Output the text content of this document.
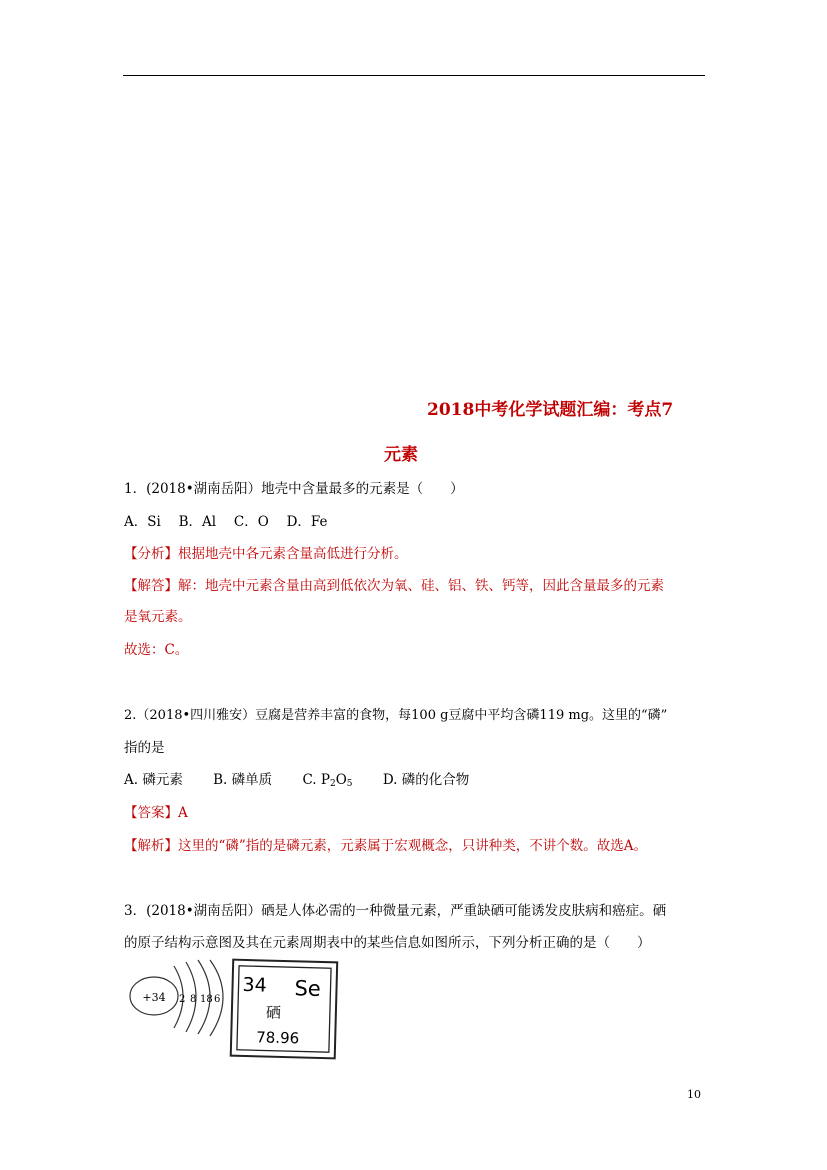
2018中考化学试题汇编：考点7
元素
1．(2018•湖南岳阳）地壳中含量最多的元素是（　　）
A．Si　 B．Al　 C．O　 D．Fe
【分析】根据地壳中各元素含量高低进行分析。
【解答】解：地壳中元素含量由高到低依次为氧、硅、铝、铁、钙等，因此含量最多的元素
是氧元素。
故选：C。
2.（2018•四川雅安）豆腐是营养丰富的食物，每100 g豆腐中平均含磷119 mg。这里的“磷”
指的是
A. 磷元素 B. 磷单质 C. $P_2O_5$ D. 磷的化合物
【答案】A
【解析】这里的“磷”指的是磷元素，元素属于宏观概念，只讲种类，不讲个数。故选A。
3．(2018•湖南岳阳）硒是人体必需的一种微量元素，严重缺硒可能诱发皮肤病和癌症。硒
的原子结构示意图及其在元素周期表中的某些信息如图所示，下列分析正确的是（　　）
+34 2 8 18 6
34 Se
硒
78.96
10
